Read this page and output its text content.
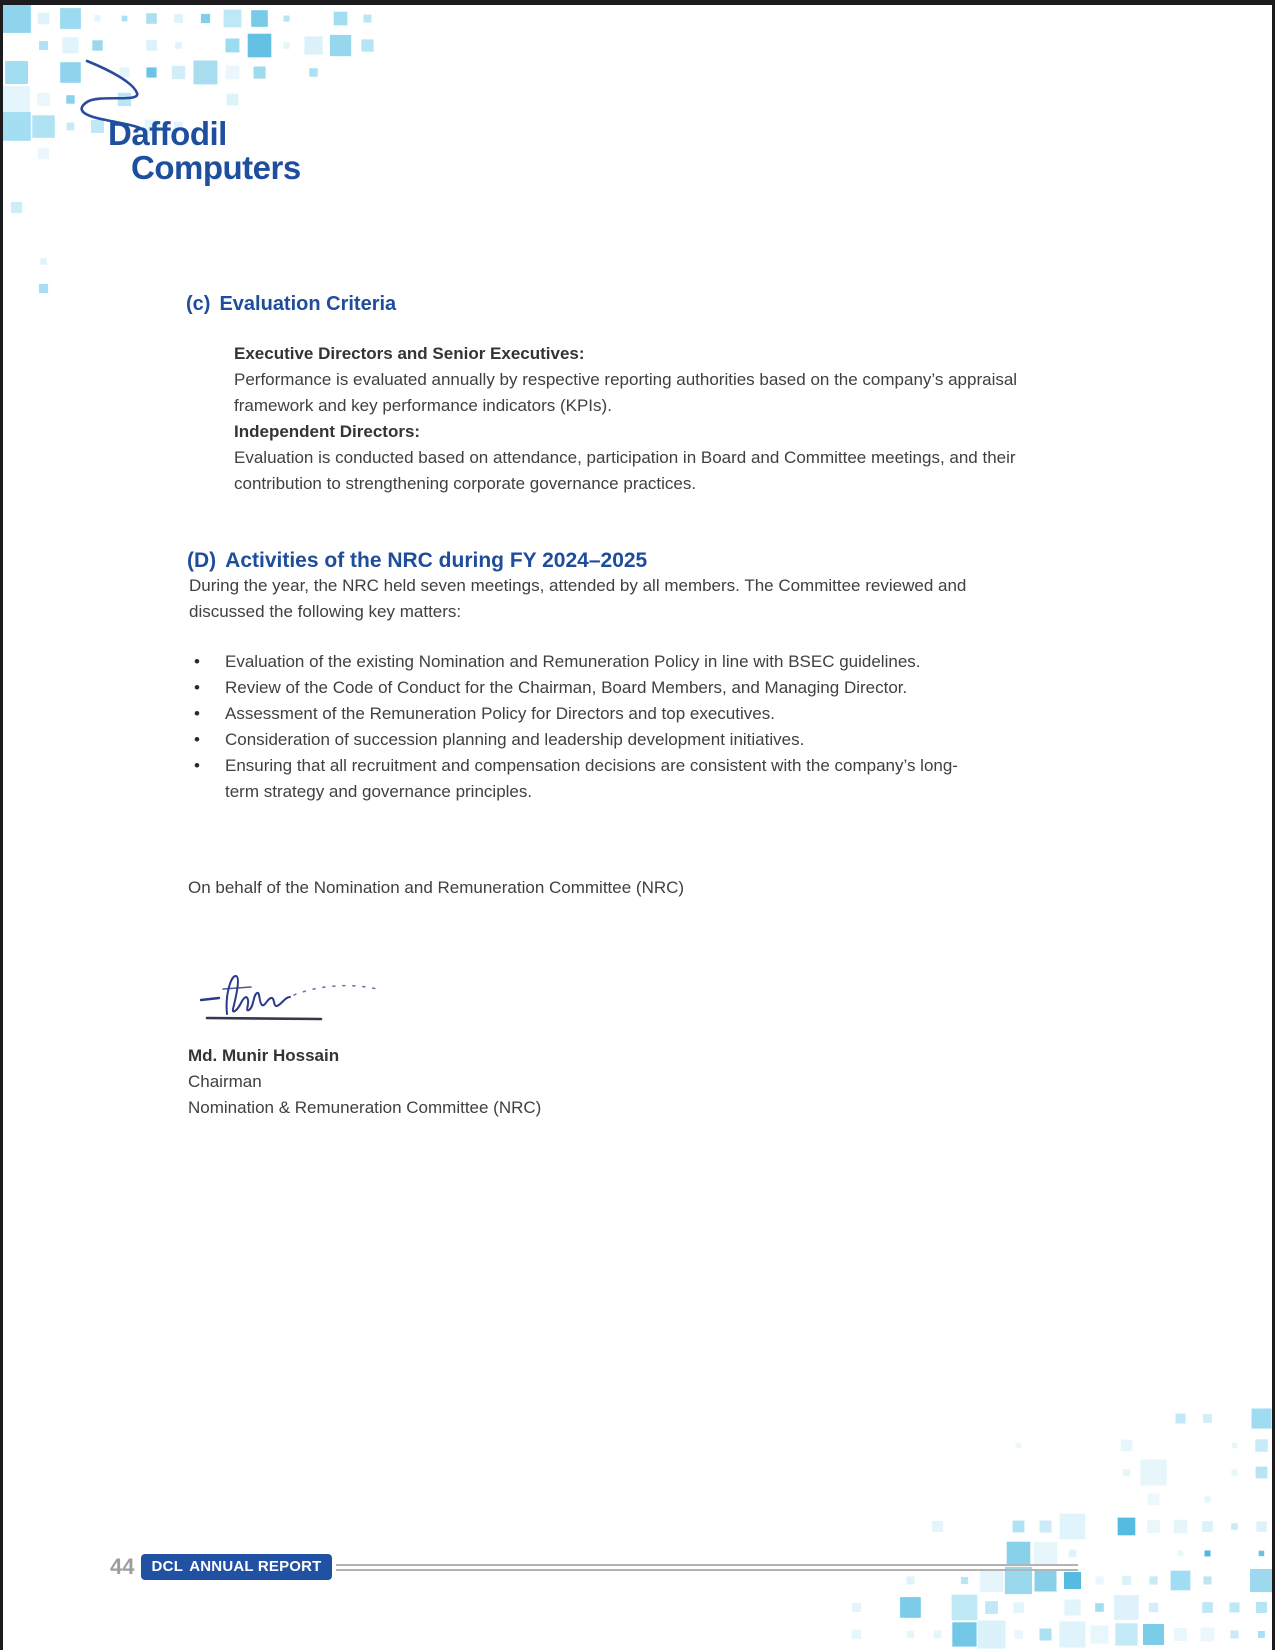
Daffodil
Computers
(c) Evaluation Criteria
Executive Directors and Senior Executives:
Performance is evaluated annually by respective reporting authorities based on the company’s appraisal framework and key performance indicators (KPIs).
Independent Directors:
Evaluation is conducted based on attendance, participation in Board and Committee meetings, and their contribution to strengthening corporate governance practices.
(D) Activities of the NRC during FY 2024–2025
During the year, the NRC held seven meetings, attended by all members. The Committee reviewed and discussed the following key matters:
• Evaluation of the existing Nomination and Remuneration Policy in line with BSEC guidelines.
• Review of the Code of Conduct for the Chairman, Board Members, and Managing Director.
• Assessment of the Remuneration Policy for Directors and top executives.
• Consideration of succession planning and leadership development initiatives.
• Ensuring that all recruitment and compensation decisions are consistent with the company’s long-term strategy and governance principles.
On behalf of the Nomination and Remuneration Committee (NRC)
Md. Munir Hossain
Chairman
Nomination & Remuneration Committee (NRC)
44 DCL ANNUAL REPORT
